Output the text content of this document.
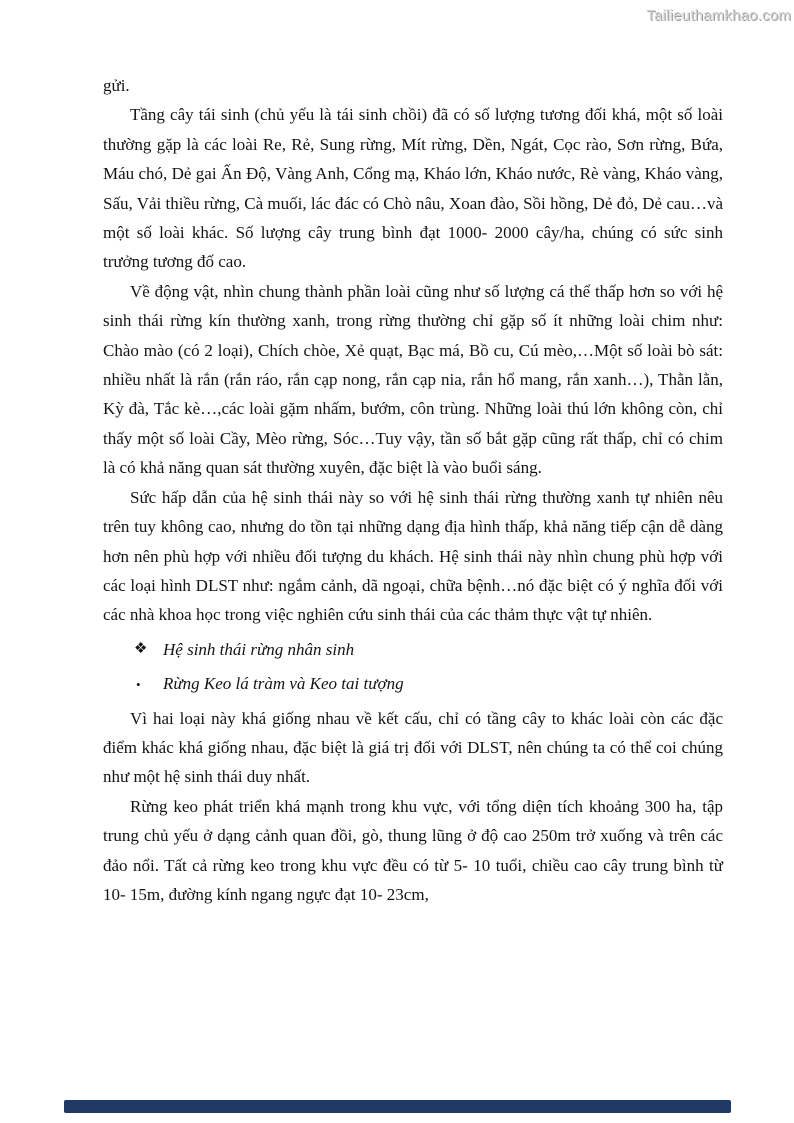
Tailieuthamkhao.com

gửi.

Tầng cây tái sinh (chủ yếu là tái sinh chồi) đã có số lượng tương đối khá, một số loài thường gặp là các loài Re, Rẻ, Sung rừng, Mít rừng, Dền, Ngát, Cọc rào, Sơn rừng, Bứa, Máu chó, Dẻ gai Ấn Độ, Vàng Anh, Cổng mạ, Kháo lớn, Kháo nước, Rè vàng, Kháo vàng, Sấu, Vải thiều rừng, Cà muối, lác đác có Chò nâu, Xoan đào, Sồi hồng, Dẻ đỏ, Dẻ cau…và một số loài khác. Số lượng cây trung bình đạt 1000- 2000 cây/ha, chúng có sức sinh trưởng tương đố cao.

Về động vật, nhìn chung thành phần loài cũng như số lượng cá thể thấp hơn so với hệ sinh thái rừng kín thường xanh, trong rừng thường chỉ gặp số ít những loài chim như: Chào mào (có 2 loại), Chích chòe, Xẻ quạt, Bạc má, Bồ cu, Cú mèo,…Một số loài bò sát: nhiều nhất là rắn (rắn ráo, rắn cạp nong, rắn cạp nia, rắn hổ mang, rắn xanh…), Thằn lằn, Kỳ đà, Tắc kè…,các loài gặm nhấm, bướm, côn trùng. Những loài thú lớn không còn, chỉ thấy một số loài Cầy, Mèo rừng, Sóc…Tuy vậy, tần số bắt gặp cũng rất thấp, chỉ có chim là có khả năng quan sát thường xuyên, đặc biệt là vào buổi sáng.

Sức hấp dẫn của hệ sinh thái này so với hệ sinh thái rừng thường xanh tự nhiên nêu trên tuy không cao, nhưng do tồn tại những dạng địa hình thấp, khả năng tiếp cận dễ dàng hơn nên phù hợp với nhiều đối tượng du khách. Hệ sinh thái này nhìn chung phù hợp với các loại hình DLST như: ngắm cảnh, dã ngoại, chữa bệnh…nó đặc biệt có ý nghĩa đối với các nhà khoa học trong việc nghiên cứu sinh thái của các thảm thực vật tự nhiên.

❖ Hệ sinh thái rừng nhân sinh
• Rừng Keo lá tràm và Keo tai tượng

Vì hai loại này khá giống nhau về kết cấu, chỉ có tầng cây to khác loài còn các đặc điểm khác khá giống nhau, đặc biệt là giá trị đối với DLST, nên chúng ta có thể coi chúng như một hệ sinh thái duy nhất.

Rừng keo phát triển khá mạnh trong khu vực, với tổng diện tích khoảng 300 ha, tập trung chủ yếu ở dạng cảnh quan đồi, gò, thung lũng ở độ cao 250m trở xuống và trên các đảo nổi. Tất cả rừng keo trong khu vực đều có từ 5- 10 tuổi, chiều cao cây trung bình từ 10- 15m, đường kính ngang ngực đạt 10- 23cm,
